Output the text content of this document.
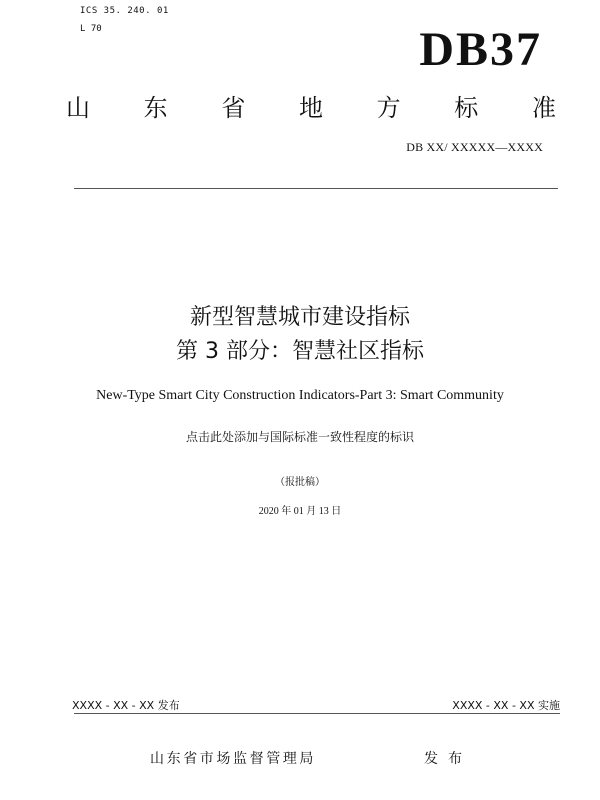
ICS 35. 240. 01
L 70	DB37
山 东 省 地 方 标 准
DB XX/ XXXXX—XXXX
新型智慧城市建设指标
第 3 部分：智慧社区指标
New-Type Smart City Construction Indicators-Part 3: Smart Community
点击此处添加与国际标准一致性程度的标识
（报批稿）
2020 年 01 月 13 日
XXXX - XX - XX 发布	XXXX - XX - XX 实施
山东省市场监督管理局	发布
